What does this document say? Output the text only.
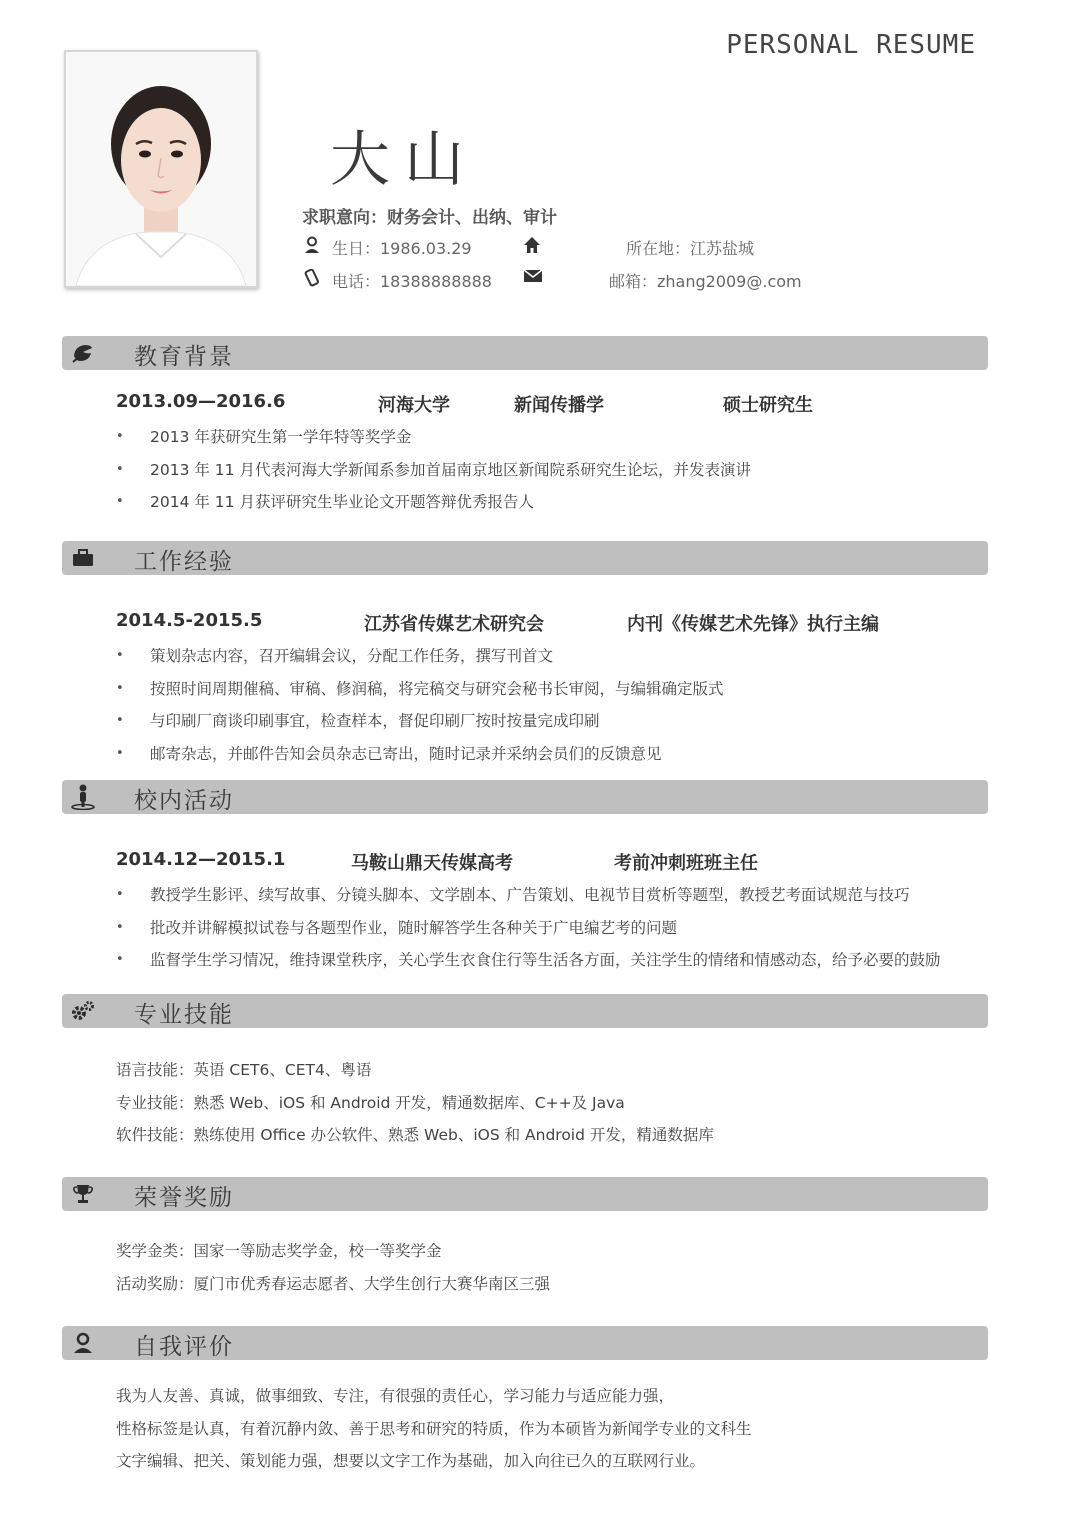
PERSONAL RESUME
大山
求职意向：财务会计、出纳、审计
生日：1986.03.29	所在地：江苏盐城
电话：18388888888	邮箱：zhang2009@.com
教育背景
2013.09—2016.6	河海大学	新闻传播学	硕士研究生
• 2013 年获研究生第一学年特等奖学金
• 2013 年 11 月代表河海大学新闻系参加首届南京地区新闻院系研究生论坛，并发表演讲
• 2014 年 11 月获评研究生毕业论文开题答辩优秀报告人
工作经验
2014.5-2015.5	江苏省传媒艺术研究会	内刊《传媒艺术先锋》执行主编
• 策划杂志内容，召开编辑会议，分配工作任务，撰写刊首文
• 按照时间周期催稿、审稿、修润稿，将完稿交与研究会秘书长审阅，与编辑确定版式
• 与印刷厂商谈印刷事宜，检查样本，督促印刷厂按时按量完成印刷
• 邮寄杂志，并邮件告知会员杂志已寄出，随时记录并采纳会员们的反馈意见
校内活动
2014.12—2015.1	马鞍山鼎天传媒高考	考前冲刺班班主任
• 教授学生影评、续写故事、分镜头脚本、文学剧本、广告策划、电视节目赏析等题型，教授艺考面试规范与技巧
• 批改并讲解模拟试卷与各题型作业，随时解答学生各种关于广电编艺考的问题
• 监督学生学习情况，维持课堂秩序，关心学生衣食住行等生活各方面，关注学生的情绪和情感动态，给予必要的鼓励
专业技能
语言技能：英语 CET6、CET4、粤语
专业技能：熟悉 Web、iOS 和 Android 开发，精通数据库、C++及 Java
软件技能：熟练使用 Office 办公软件、熟悉 Web、iOS 和 Android 开发，精通数据库
荣誉奖励
奖学金类：国家一等励志奖学金，校一等奖学金
活动奖励：厦门市优秀春运志愿者、大学生创行大赛华南区三强
自我评价
我为人友善、真诚，做事细致、专注，有很强的责任心，学习能力与适应能力强，
性格标签是认真，有着沉静内敛、善于思考和研究的特质，作为本硕皆为新闻学专业的文科生
文字编辑、把关、策划能力强，想要以文字工作为基础，加入向往已久的互联网行业。
